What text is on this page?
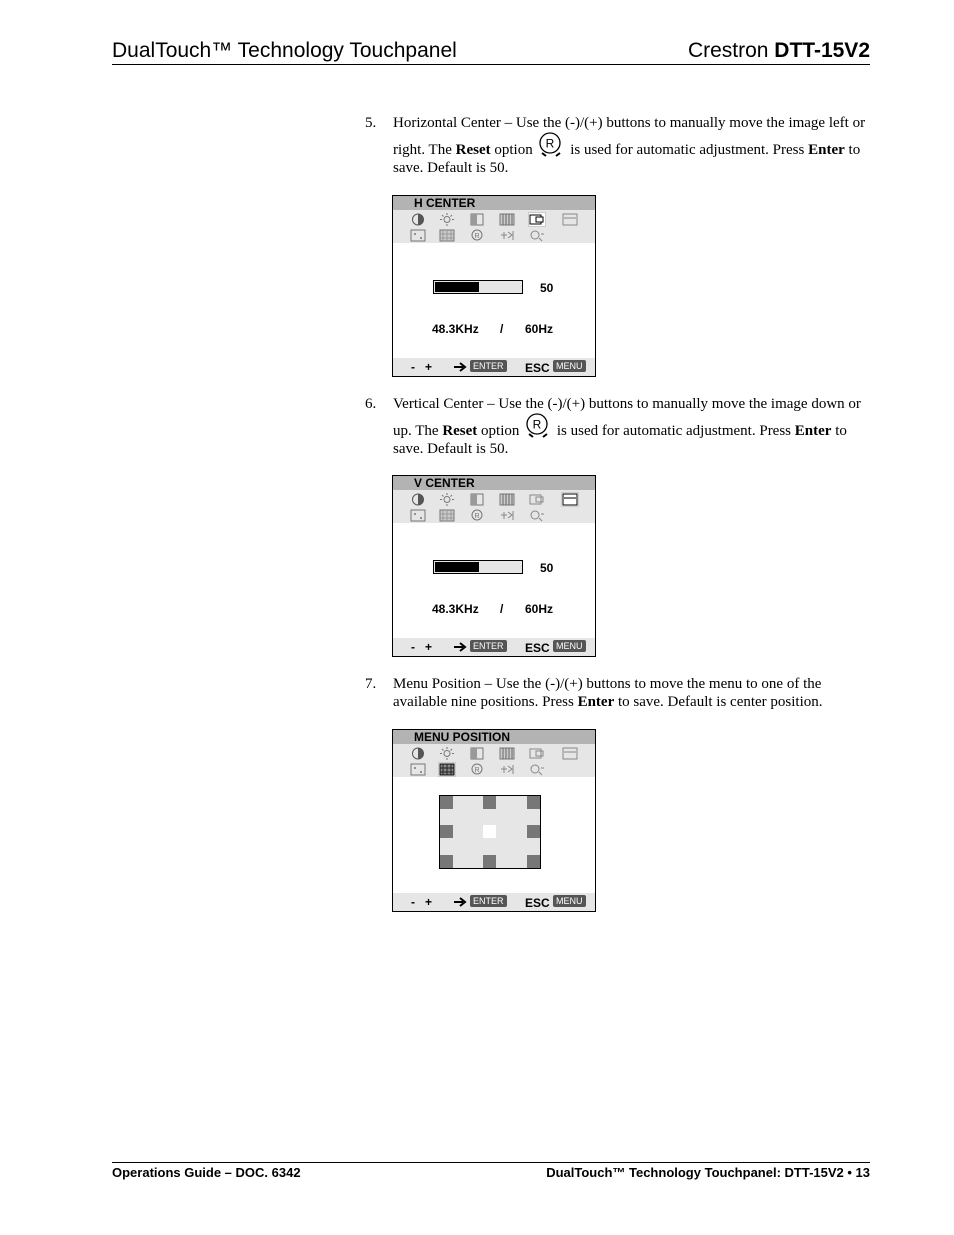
DualTouch™ Technology Touchpanel	Crestron DTT-15V2
5. Horizontal Center – Use the (-)/(+) buttons to manually move the image left or right. The Reset option R is used for automatic adjustment. Press Enter to save. Default is 50.
H CENTER
R
50
48.3KHz / 60Hz
- +	ENTER ESC MENU
6. Vertical Center – Use the (-)/(+) buttons to manually move the image down or up. The Reset option R is used for automatic adjustment. Press Enter to save. Default is 50.
V CENTER
R
50
48.3KHz / 60Hz
- +	ENTER ESC MENU
7. Menu Position – Use the (-)/(+) buttons to move the menu to one of the available nine positions. Press Enter to save. Default is center position.
MENU POSITION
R
- +	ENTER ESC MENU
Operations Guide – DOC. 6342	DualTouch™ Technology Touchpanel: DTT-15V2 • 13
